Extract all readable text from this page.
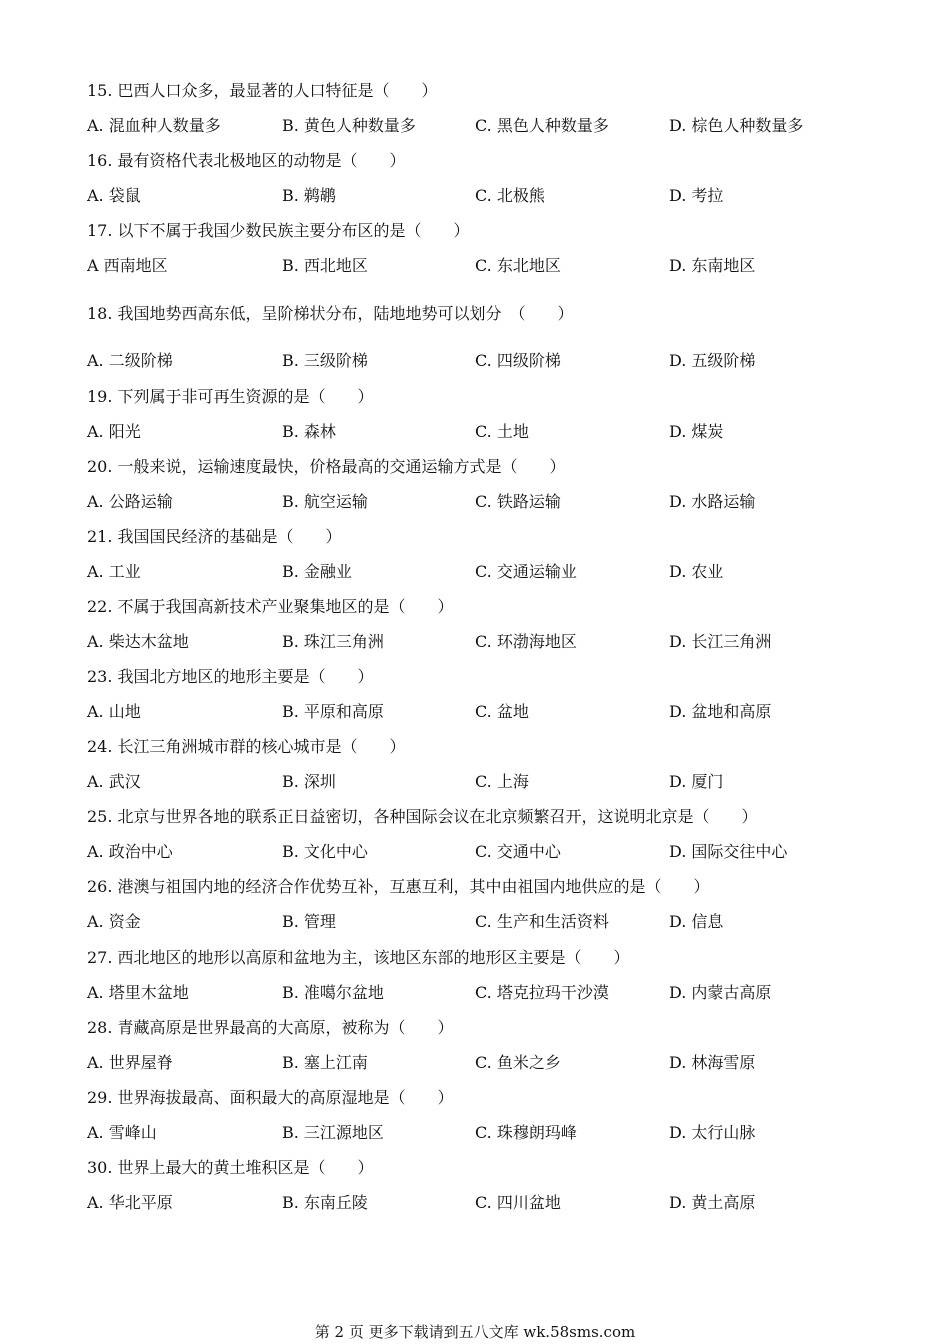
15. 巴西人口众多，最显著的人口特征是（　　）
A. 混血种人数量多	B. 黄色人种数量多	C. 黑色人种数量多	D. 棕色人种数量多
16. 最有资格代表北极地区的动物是（　　）
A. 袋鼠	B. 鹈鹕	C. 北极熊	D. 考拉
17. 以下不属于我国少数民族主要分布区的是（　　）
A 西南地区	B. 西北地区	C. 东北地区	D. 东南地区
18. 我国地势西高东低，呈阶梯状分布，陆地地势可以划分　（　　）
A. 二级阶梯	B. 三级阶梯	C. 四级阶梯	D. 五级阶梯
19. 下列属于非可再生资源的是（　　）
A. 阳光	B. 森林	C. 土地	D. 煤炭
20. 一般来说，运输速度最快，价格最高的交通运输方式是（　　）
A. 公路运输	B. 航空运输	C. 铁路运输	D. 水路运输
21. 我国国民经济的基础是（　　）
A. 工业	B. 金融业	C. 交通运输业	D. 农业
22. 不属于我国高新技术产业聚集地区的是（　　）
A. 柴达木盆地	B. 珠江三角洲	C. 环渤海地区	D. 长江三角洲
23. 我国北方地区的地形主要是（　　）
A. 山地	B. 平原和高原	C. 盆地	D. 盆地和高原
24. 长江三角洲城市群的核心城市是（　　）
A. 武汉	B. 深圳	C. 上海	D. 厦门
25. 北京与世界各地的联系正日益密切，各种国际会议在北京频繁召开，这说明北京是（　　）
A. 政治中心	B. 文化中心	C. 交通中心	D. 国际交往中心
26. 港澳与祖国内地的经济合作优势互补，互惠互利，其中由祖国内地供应的是（　　）
A. 资金	B. 管理	C. 生产和生活资料	D. 信息
27. 西北地区的地形以高原和盆地为主，该地区东部的地形区主要是（　　）
A. 塔里木盆地	B. 准噶尔盆地	C. 塔克拉玛干沙漠	D. 内蒙古高原
28. 青藏高原是世界最高的大高原，被称为（　　）
A. 世界屋脊	B. 塞上江南	C. 鱼米之乡	D. 林海雪原
29. 世界海拔最高、面积最大的高原湿地是（　　）
A. 雪峰山	B. 三江源地区	C. 珠穆朗玛峰	D. 太行山脉
30. 世界上最大的黄土堆积区是（　　）
A. 华北平原	B. 东南丘陵	C. 四川盆地	D. 黄土高原
第 2 页 更多下载请到五八文库 wk.58sms.com
